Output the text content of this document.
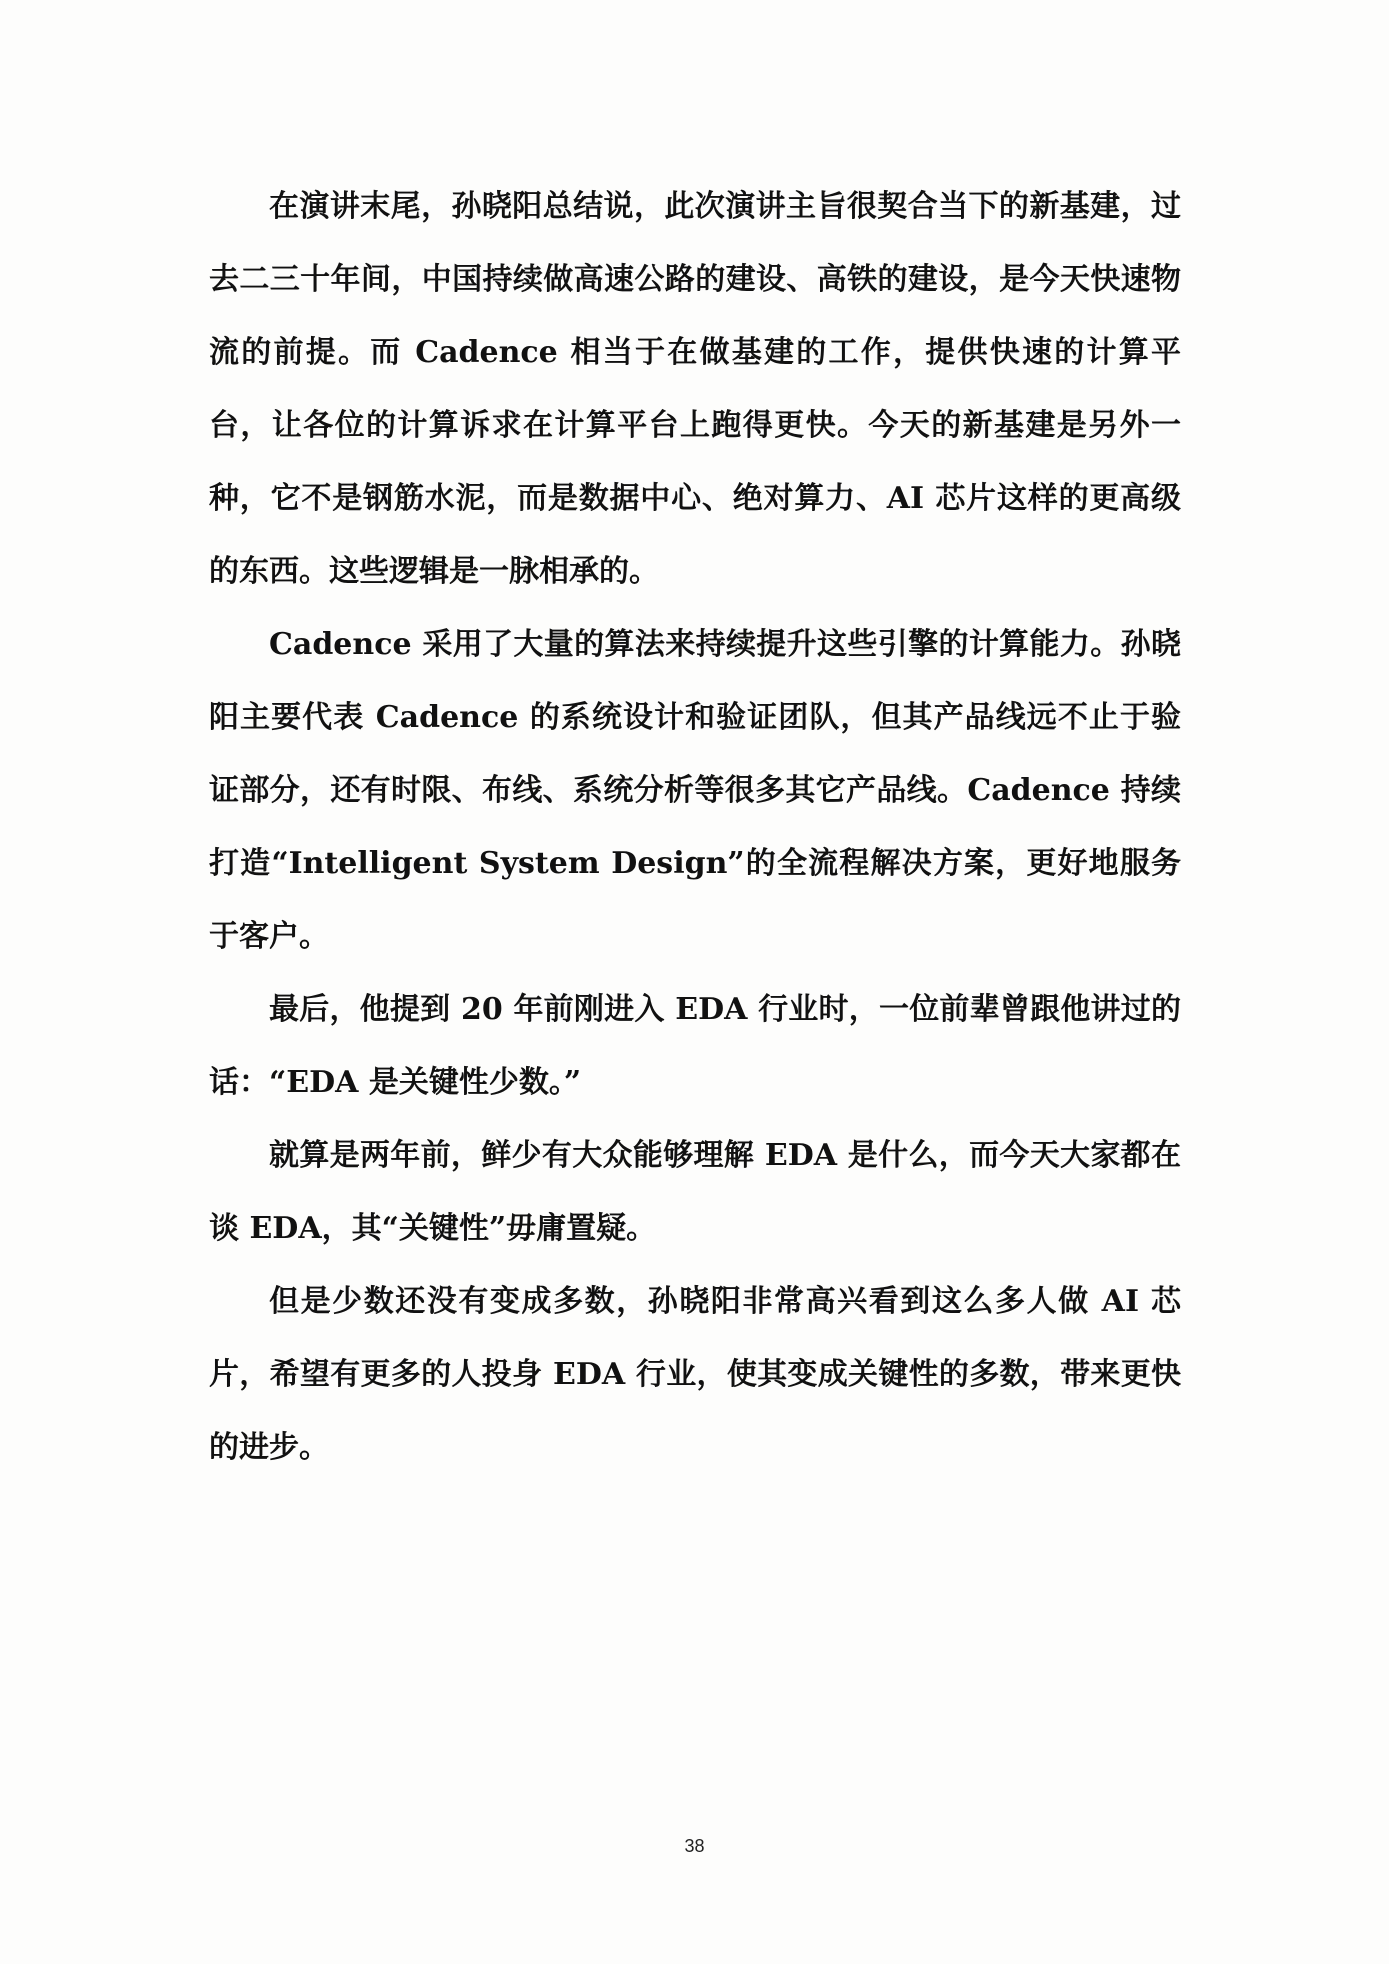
在演讲末尾，孙晓阳总结说，此次演讲主旨很契合当下的新基建，过去二三十年间，中国持续做高速公路的建设、高铁的建设，是今天快速物流的前提。而 Cadence 相当于在做基建的工作，提供快速的计算平台，让各位的计算诉求在计算平台上跑得更快。今天的新基建是另外一种，它不是钢筋水泥，而是数据中心、绝对算力、AI 芯片这样的更高级的东西。这些逻辑是一脉相承的。

Cadence 采用了大量的算法来持续提升这些引擎的计算能力。孙晓阳主要代表 Cadence 的系统设计和验证团队，但其产品线远不止于验证部分，还有时限、布线、系统分析等很多其它产品线。Cadence 持续打造“Intelligent System Design”的全流程解决方案，更好地服务于客户。

最后，他提到 20 年前刚进入 EDA 行业时，一位前辈曾跟他讲过的话：“EDA 是关键性少数。”

就算是两年前，鲜少有大众能够理解 EDA 是什么，而今天大家都在谈 EDA，其“关键性”毋庸置疑。

但是少数还没有变成多数，孙晓阳非常高兴看到这么多人做 AI 芯片，希望有更多的人投身 EDA 行业，使其变成关键性的多数，带来更快的进步。

38
